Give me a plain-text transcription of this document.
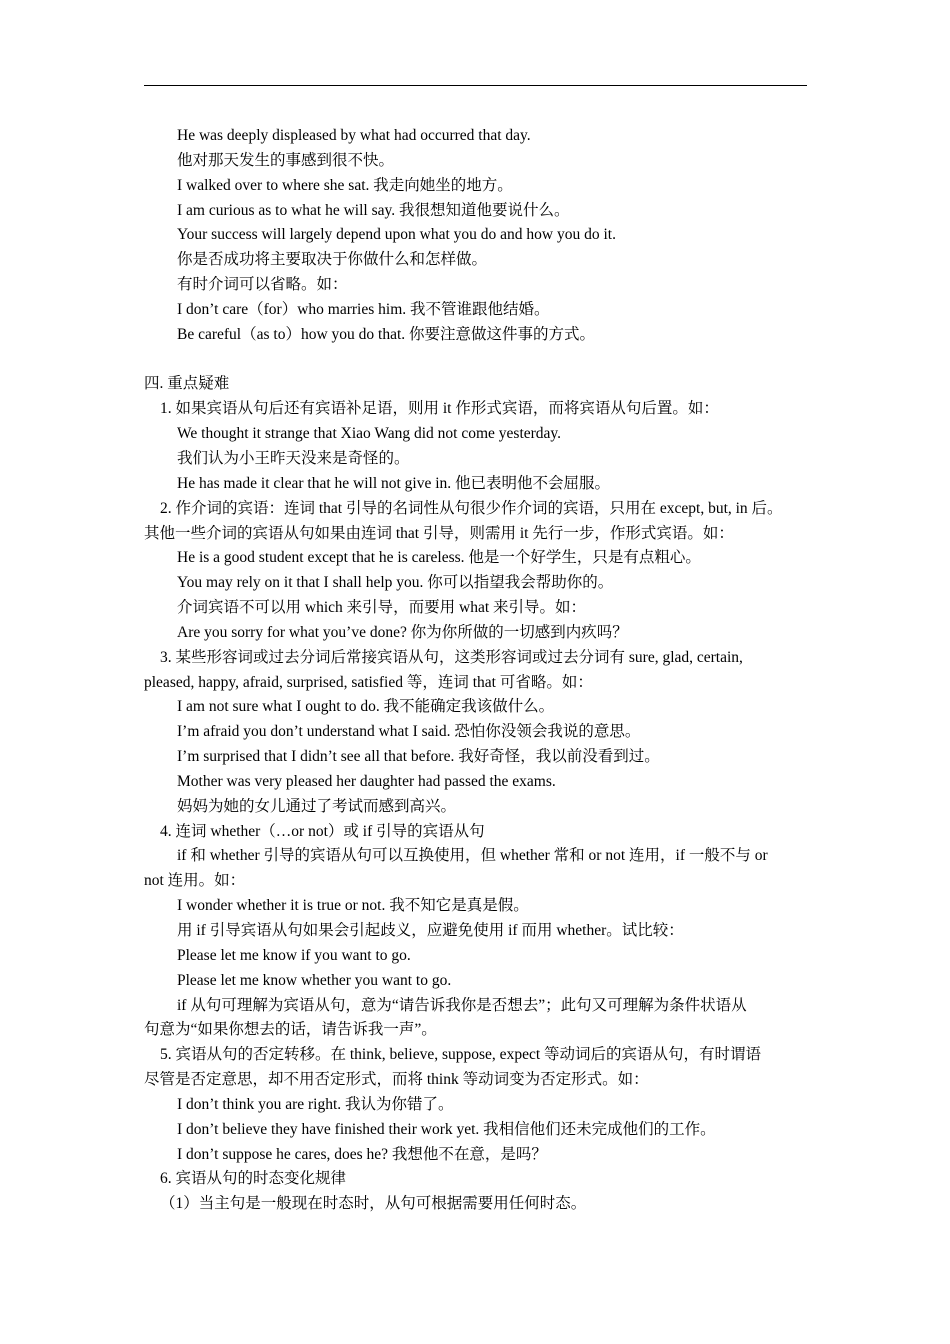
He was deeply displeased by what had occurred that day.
他对那天发生的事感到很不快。
I walked over to where she sat. 我走向她坐的地方。
I am curious as to what he will say. 我很想知道他要说什么。
Your success will largely depend upon what you do and how you do it.
你是否成功将主要取决于你做什么和怎样做。
有时介词可以省略。如：
I don’t care（for）who marries him. 我不管谁跟他结婚。
Be careful（as to）how you do that. 你要注意做这件事的方式。
四. 重点疑难
1. 如果宾语从句后还有宾语补足语，则用 it 作形式宾语，而将宾语从句后置。如：
We thought it strange that Xiao Wang did not come yesterday.
我们认为小王昨天没来是奇怪的。
He has made it clear that he will not give in. 他已表明他不会屈服。
2. 作介词的宾语：连词 that 引导的名词性从句很少作介词的宾语，只用在 except, but, in 后。
其他一些介词的宾语从句如果由连词 that 引导，则需用 it 先行一步，作形式宾语。如：
He is a good student except that he is careless. 他是一个好学生，只是有点粗心。
You may rely on it that I shall help you. 你可以指望我会帮助你的。
介词宾语不可以用 which 来引导，而要用 what 来引导。如：
Are you sorry for what you’ve done? 你为你所做的一切感到内疚吗？
3. 某些形容词或过去分词后常接宾语从句，这类形容词或过去分词有 sure, glad, certain,
pleased, happy, afraid, surprised, satisfied 等，连词 that 可省略。如：
I am not sure what I ought to do. 我不能确定我该做什么。
I’m afraid you don’t understand what I said. 恐怕你没领会我说的意思。
I’m surprised that I didn’t see all that before. 我好奇怪，我以前没看到过。
Mother was very pleased her daughter had passed the exams.
妈妈为她的女儿通过了考试而感到高兴。
4. 连词 whether（…or not）或 if 引导的宾语从句
if 和 whether 引导的宾语从句可以互换使用，但 whether 常和 or not 连用，if 一般不与 or
not 连用。如：
I wonder whether it is true or not. 我不知它是真是假。
用 if 引导宾语从句如果会引起歧义，应避免使用 if 而用 whether。试比较：
Please let me know if you want to go.
Please let me know whether you want to go.
if 从句可理解为宾语从句，意为“请告诉我你是否想去”；此句又可理解为条件状语从
句意为“如果你想去的话，请告诉我一声”。
5. 宾语从句的否定转移。在 think, believe, suppose, expect 等动词后的宾语从句，有时谓语
尽管是否定意思，却不用否定形式，而将 think 等动词变为否定形式。如：
I don’t think you are right. 我认为你错了。
I don’t believe they have finished their work yet. 我相信他们还未完成他们的工作。
I don’t suppose he cares, does he? 我想他不在意，是吗？
6. 宾语从句的时态变化规律
（1）当主句是一般现在时态时，从句可根据需要用任何时态。
